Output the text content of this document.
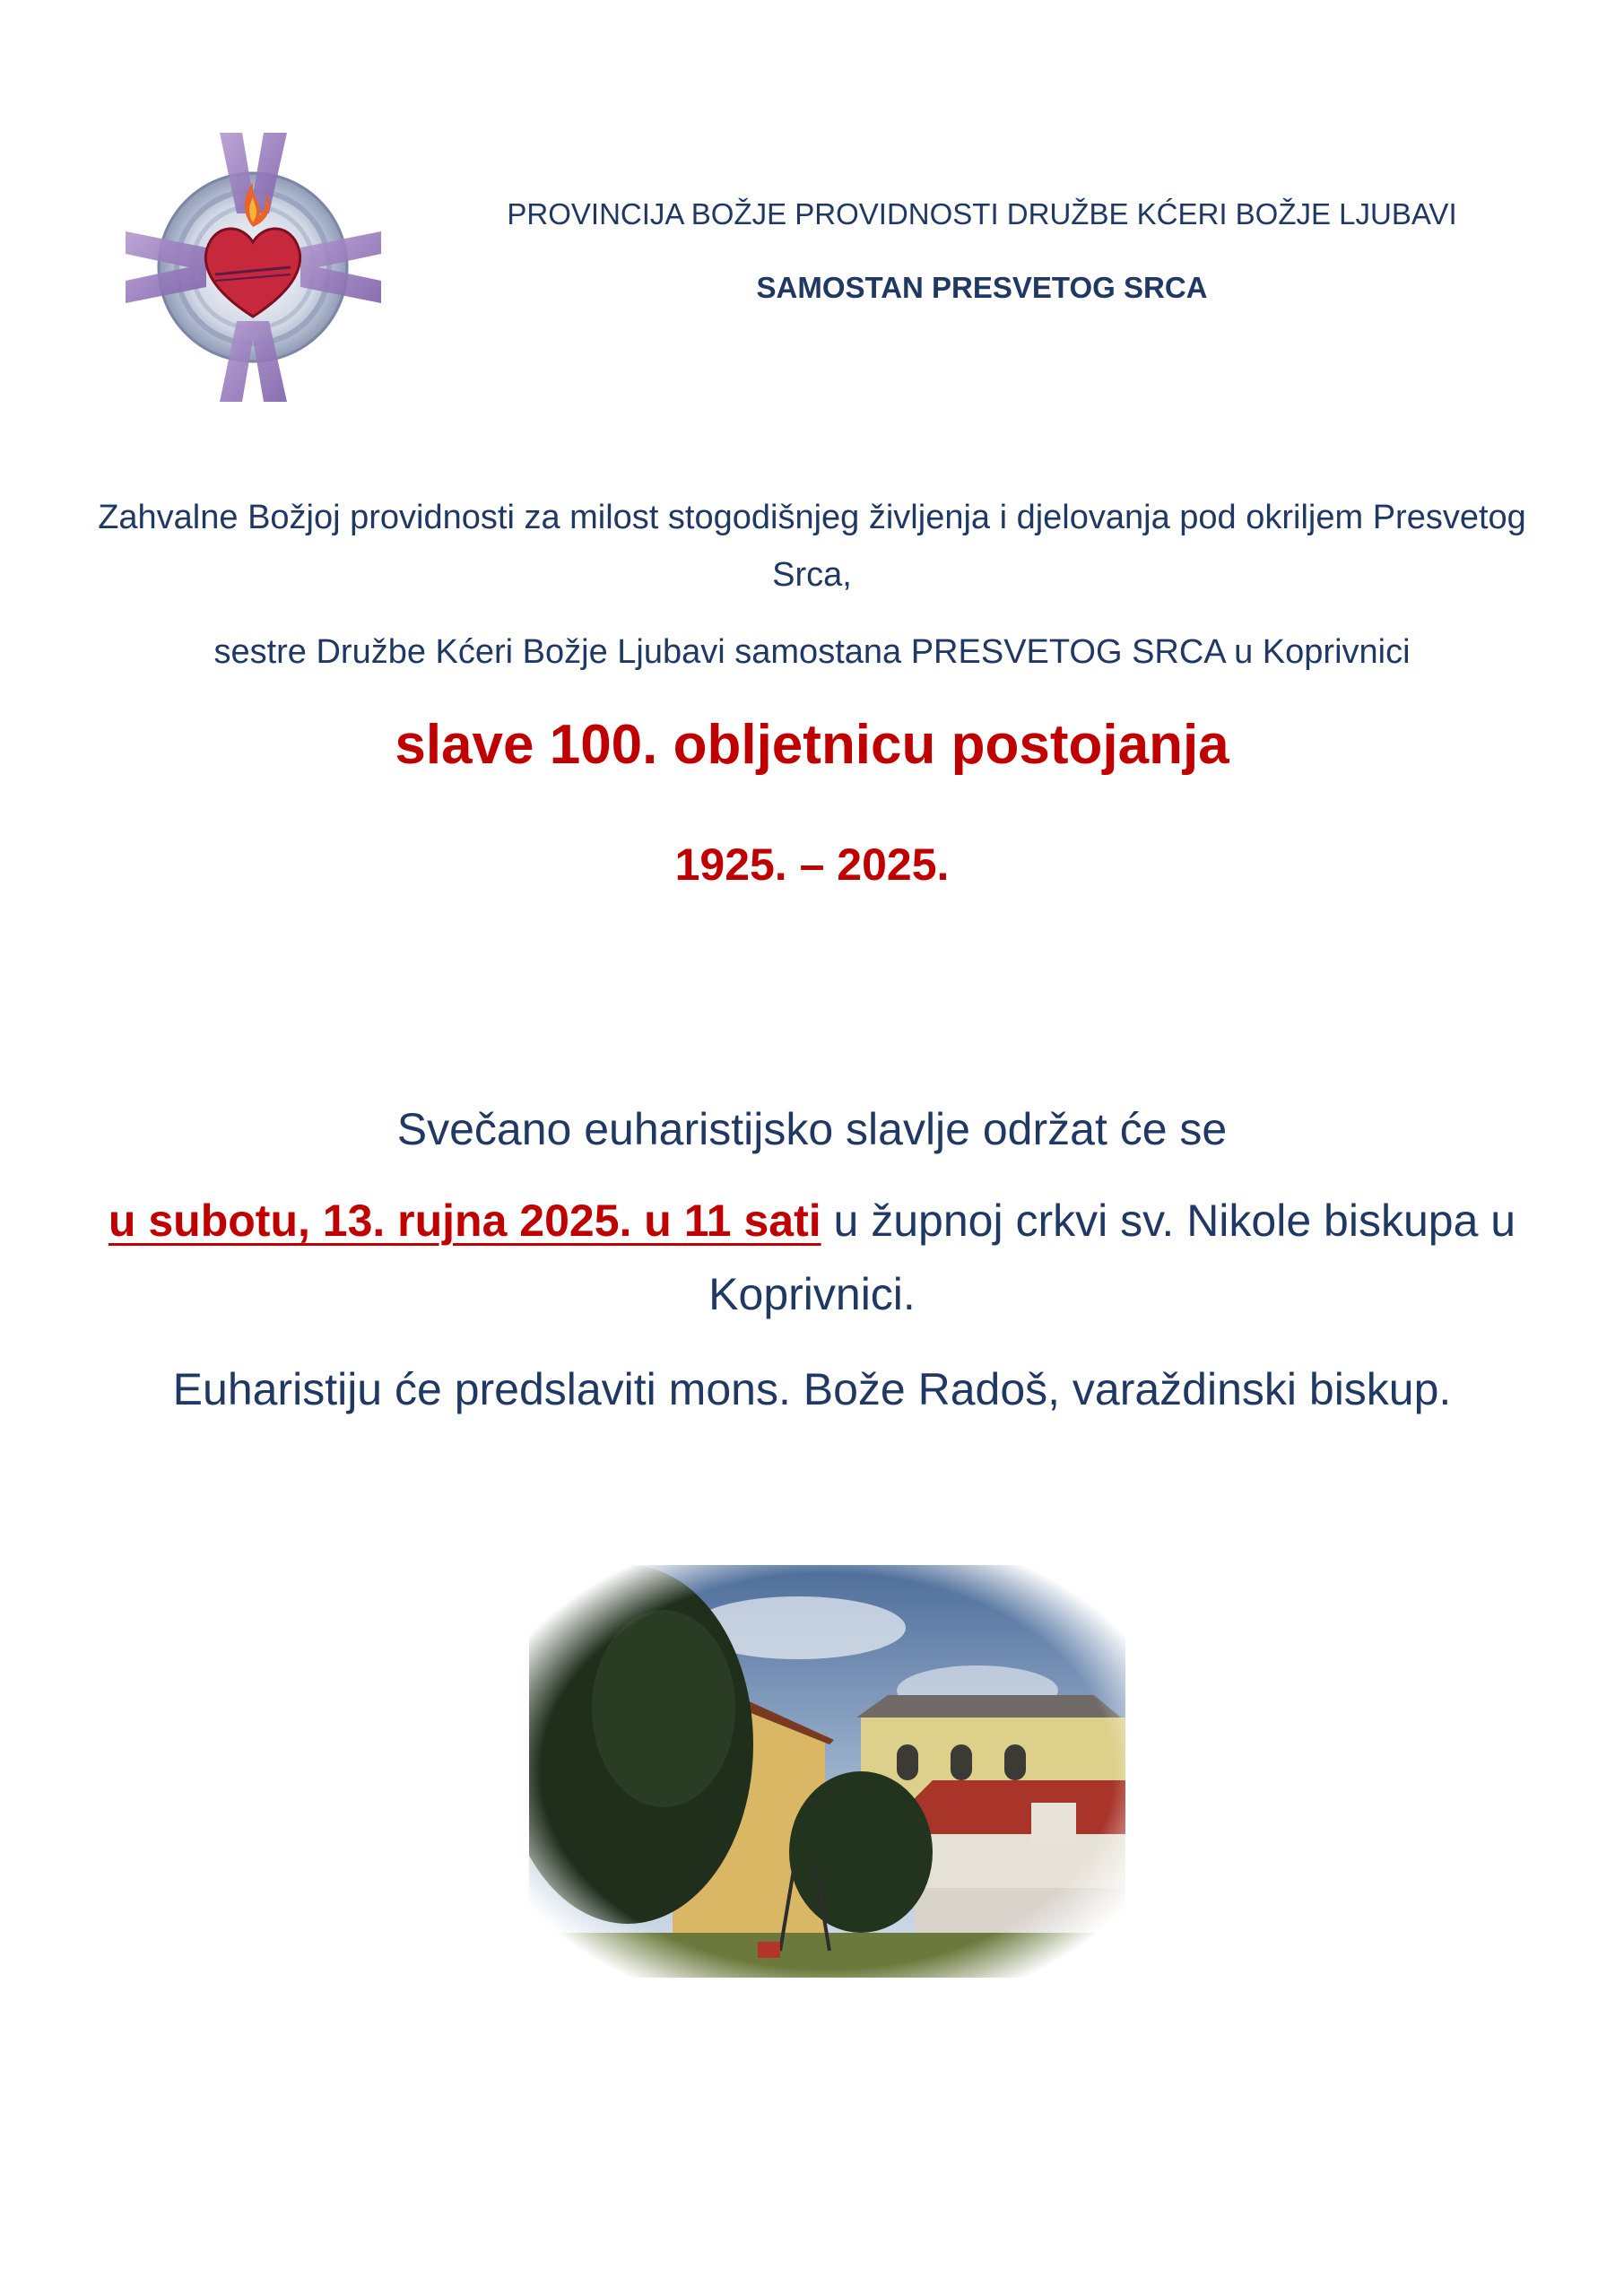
PROVINCIJA BOŽJE PROVIDNOSTI DRUŽBE KĆERI BOŽJE LJUBAVI
SAMOSTAN PRESVETOG SRCA
Zahvalne Božjoj providnosti za milost stogodišnjeg življenja i djelovanja pod okriljem Presvetog Srca,
sestre Družbe Kćeri Božje Ljubavi samostana PRESVETOG SRCA u Koprivnici
slave 100. obljetnicu postojanja
1925. – 2025.
Svečano euharistijsko slavlje održat će se
u subotu, 13. rujna 2025. u 11 sati u župnoj crkvi sv. Nikole biskupa u Koprivnici.
Euharistiju će predslaviti mons. Bože Radoš, varaždinski biskup.
